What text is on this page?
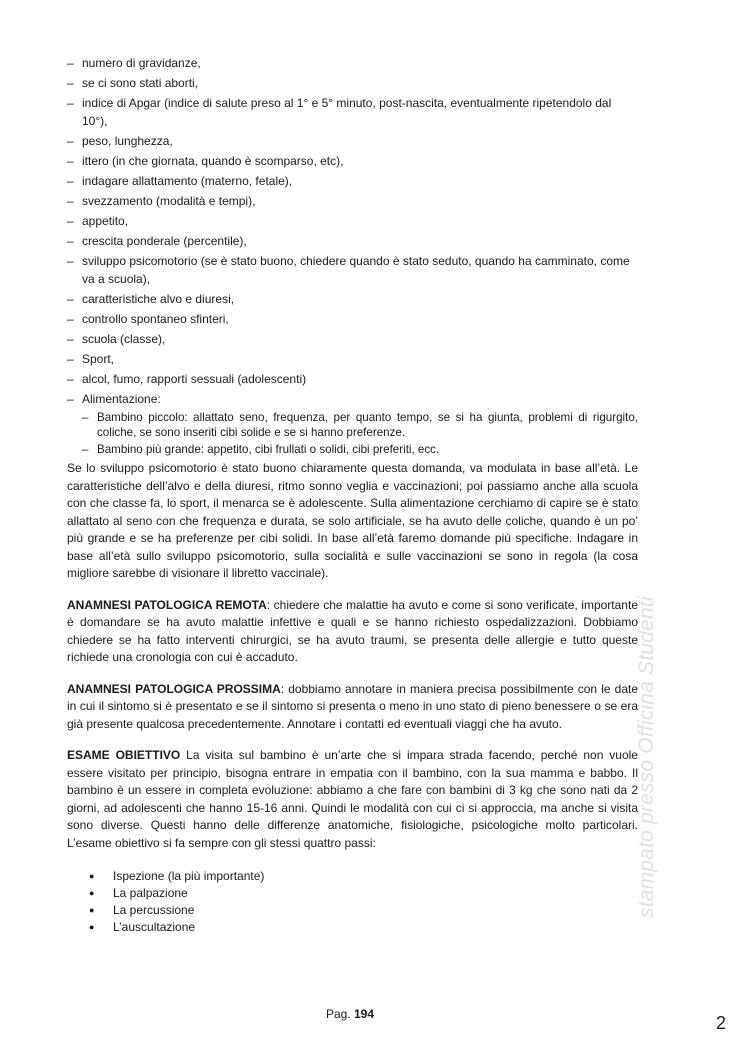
– numero di gravidanze,
– se ci sono stati aborti,
– indice di Apgar (indice di salute preso al 1° e 5° minuto, post-nascita, eventualmente ripetendolo dal 10°),
– peso, lunghezza,
– ittero (in che giornata, quando è scomparso, etc),
– indagare allattamento (materno, fetale),
– svezzamento (modalità e tempi),
– appetito,
– crescita ponderale (percentile),
– sviluppo psicomotorio (se è stato buono, chiedere quando è stato seduto, quando ha camminato, come va a scuola),
– caratteristiche alvo e diuresi,
– controllo spontaneo sfinteri,
– scuola (classe),
– Sport,
– alcol, fumo, rapporti sessuali (adolescenti)
– Alimentazione:
– Bambino piccolo: allattato seno, frequenza, per quanto tempo, se si ha giunta, problemi di rigurgito, coliche, se sono inseriti cibi solide e se si hanno preferenze.
– Bambino più grande: appetito, cibi frullati o solidi, cibi preferiti, ecc.

Se lo sviluppo psicomotorio è stato buono chiaramente questa domanda, va modulata in base all’età. Le caratteristiche dell’alvo e della diuresi, ritmo sonno veglia e vaccinazioni; poi passiamo anche alla scuola con che classe fa, lo sport, il menarca se è adolescente. Sulla alimentazione cerchiamo di capire se è stato allattato al seno con che frequenza e durata, se solo artificiale, se ha avuto delle coliche, quando è un po’ più grande e se ha preferenze per cibi solidi. In base all’età faremo domande più specifiche. Indagare in base all’età sullo sviluppo psicomotorio, sulla socialità e sulle vaccinazioni se sono in regola (la cosa migliore sarebbe di visionare il libretto vaccinale).

ANAMNESI PATOLOGICA REMOTA: chiedere che malattie ha avuto e come si sono verificate, importante è domandare se ha avuto malattie infettive e quali e se hanno richiesto ospedalizzazioni. Dobbiamo chiedere se ha fatto interventi chirurgici, se ha avuto traumi, se presenta delle allergie e tutto queste richiede una cronologia con cui è accaduto.

ANAMNESI PATOLOGICA PROSSIMA: dobbiamo annotare in maniera precisa possibilmente con le date in cui il sintomo si è presentato e se il sintomo si presenta o meno in uno stato di pieno benessere o se era già presente qualcosa precedentemente. Annotare i contatti ed eventuali viaggi che ha avuto.

ESAME OBIETTIVO La visita sul bambino è un’arte che si impara strada facendo, perché non vuole essere visitato per principio, bisogna entrare in empatia con il bambino, con la sua mamma e babbo. Il bambino è un essere in completa evoluzione: abbiamo a che fare con bambini di 3 kg che sono nati da 2 giorni, ad adolescenti che hanno 15-16 anni. Quindi le modalità con cui ci si approccia, ma anche si visita sono diverse. Questi hanno delle differenze anatomiche, fisiologiche, psicologiche molto particolari. L’esame obiettivo si fa sempre con gli stessi quattro passi:

● Ispezione (la più importante)
● La palpazione
● La percussione
● L’auscultazione
Pag. 194	2
stampato presso Officina Studenti
